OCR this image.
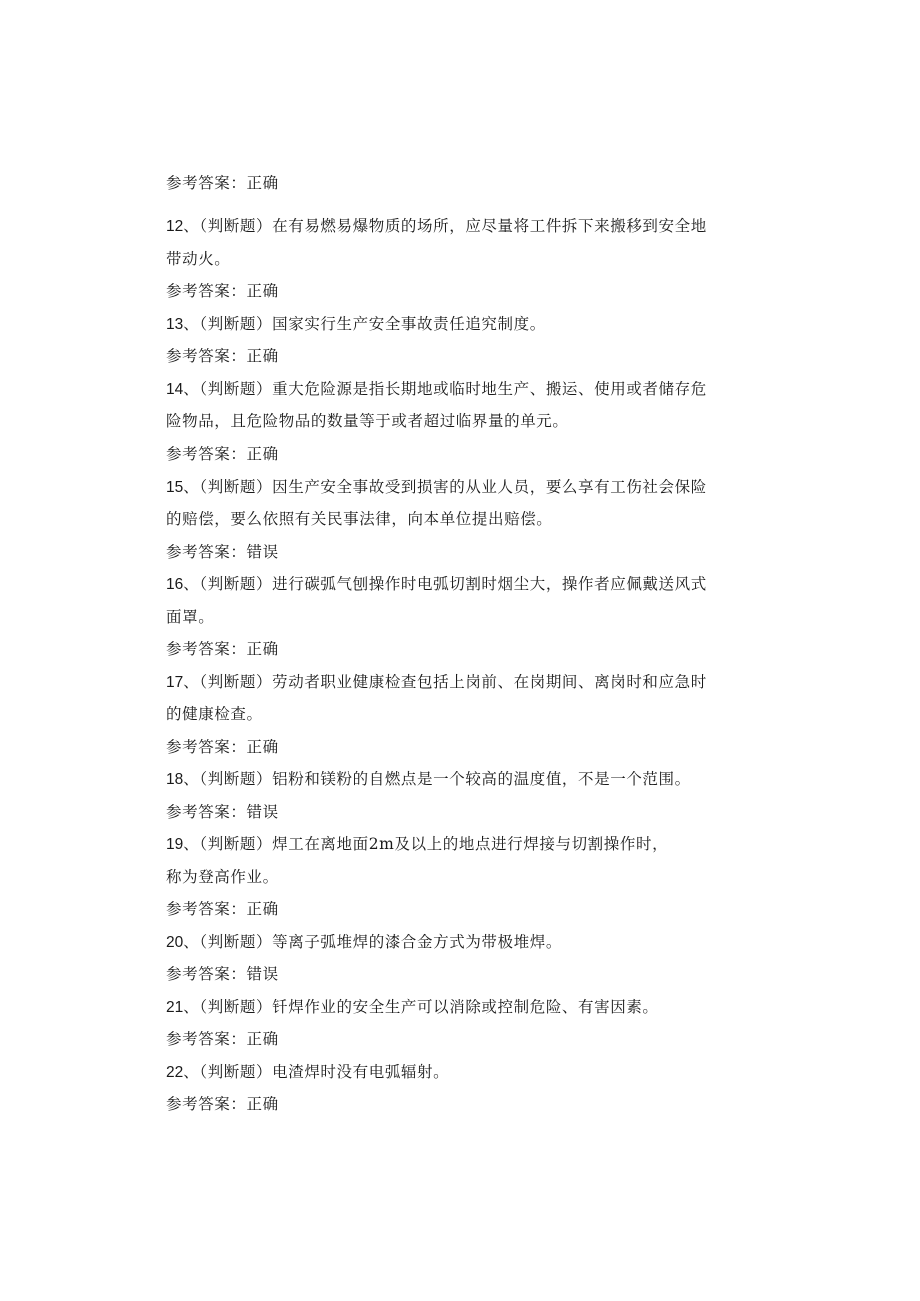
参考答案：正确
12、（判断题）在有易燃易爆物质的场所，应尽量将工件拆下来搬移到安全地
带动火。
参考答案：正确
13、（判断题）国家实行生产安全事故责任追究制度。
参考答案：正确
14、（判断题）重大危险源是指长期地或临时地生产、搬运、使用或者储存危
险物品，且危险物品的数量等于或者超过临界量的单元。
参考答案：正确
15、（判断题）因生产安全事故受到损害的从业人员，要么享有工伤社会保险
的赔偿，要么依照有关民事法律，向本单位提出赔偿。
参考答案：错误
16、（判断题）进行碳弧气刨操作时电弧切割时烟尘大，操作者应佩戴送风式
面罩。
参考答案：正确
17、（判断题）劳动者职业健康检查包括上岗前、在岗期间、离岗时和应急时
的健康检查。
参考答案：正确
18、（判断题）铝粉和镁粉的自燃点是一个较高的温度值，不是一个范围。
参考答案：错误
19、（判断题）焊工在离地面2m及以上的地点进行焊接与切割操作时，
称为登高作业。
参考答案：正确
20、（判断题）等离子弧堆焊的漆合金方式为带极堆焊。
参考答案：错误
21、（判断题）钎焊作业的安全生产可以消除或控制危险、有害因素。
参考答案：正确
22、（判断题）电渣焊时没有电弧辐射。
参考答案：正确
